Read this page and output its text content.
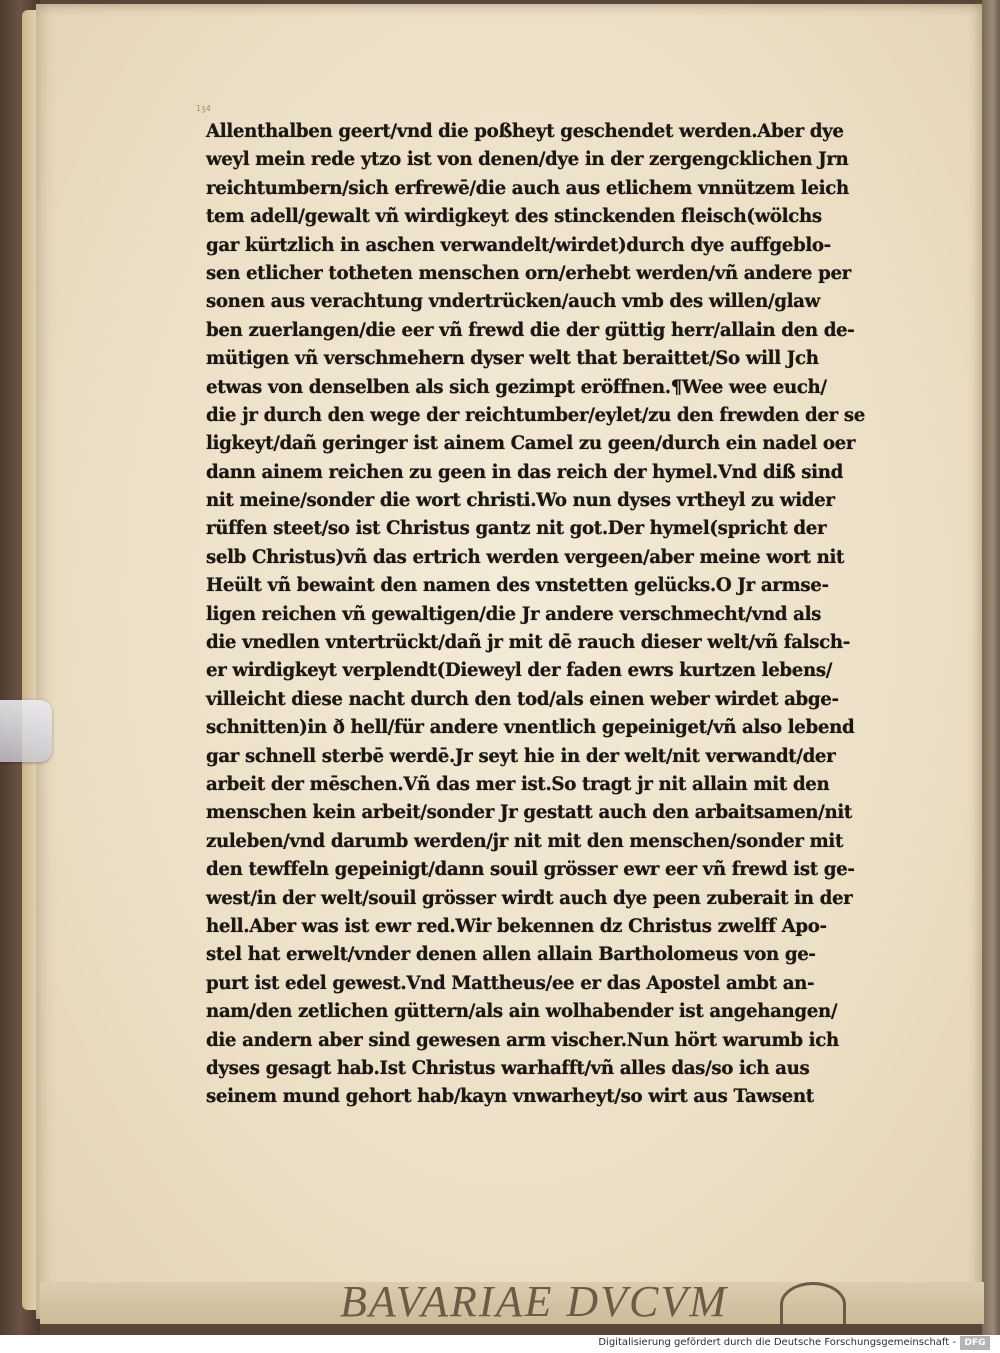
1ʒ4
Allenthalben geert/vnd die poßheyt geschendet werden.Aber dye
weyl mein rede ytzo ist von denen/dye in der zergengcklichen Jrn
reichtumbern/sich erfrewē/die auch aus etlichem vnnützem leich
tem adell/gewalt vñ wirdigkeyt des stinckenden fleisch(wölchs
gar kürtzlich in aschen verwandelt/wirdet)durch dye auffgeblo-
sen etlicher totheten menschen orn/erhebt werden/vñ andere per
sonen aus verachtung vndertrücken/auch vmb des willen/glaw
ben zuerlangen/die eer vñ frewd die der güttig herr/allain den de-
mütigen vñ verschmehern dyser welt that beraittet/So will Jch
etwas von denselben als sich gezimpt eröffnen.¶Wee wee euch/
die jr durch den wege der reichtumber/eylet/zu den frewden der se
ligkeyt/dañ geringer ist ainem Camel zu geen/durch ein nadel oer
dann ainem reichen zu geen in das reich der hymel.Vnd diß sind
nit meine/sonder die wort christi.Wo nun dyses vrtheyl zu wider
rüffen steet/so ist Christus gantz nit got.Der hymel(spricht der
selb Christus)vñ das ertrich werden vergeen/aber meine wort nit
Heült vñ bewaint den namen des vnstetten gelücks.O Jr armse-
ligen reichen vñ gewaltigen/die Jr andere verschmecht/vnd als
die vnedlen vntertrückt/dañ jr mit dē rauch dieser welt/vñ falsch-
er wirdigkeyt verplendt(Dieweyl der faden ewrs kurtzen lebens/
villeicht diese nacht durch den tod/als einen weber wirdet abge-
schnitten)in ð hell/für andere vnentlich gepeiniget/vñ also lebend
gar schnell sterbē werdē.Jr seyt hie in der welt/nit verwandt/der
arbeit der mēschen.Vñ das mer ist.So tragt jr nit allain mit den
menschen kein arbeit/sonder Jr gestatt auch den arbaitsamen/nit
zuleben/vnd darumb werden/jr nit mit den menschen/sonder mit
den tewffeln gepeinigt/dann souil grösser ewr eer vñ frewd ist ge-
west/in der welt/souil grösser wirdt auch dye peen zuberait in der
hell.Aber was ist ewr red.Wir bekennen dz Christus zwelff Apo-
stel hat erwelt/vnder denen allen allain Bartholomeus von ge-
purt ist edel gewest.Vnd Mattheus/ee er das Apostel ambt an-
nam/den zetlichen güttern/als ain wolhabender ist angehangen/
die andern aber sind gewesen arm vischer.Nun hört warumb ich
dyses gesagt hab.Ist Christus warhafft/vñ alles das/so ich aus
seinem mund gehort hab/kayn vnwarheyt/so wirt aus Tawsent
BAVARIAE DVCVM
Digitalisierung gefördert durch die Deutsche Forschungsgemeinschaft - DFG
